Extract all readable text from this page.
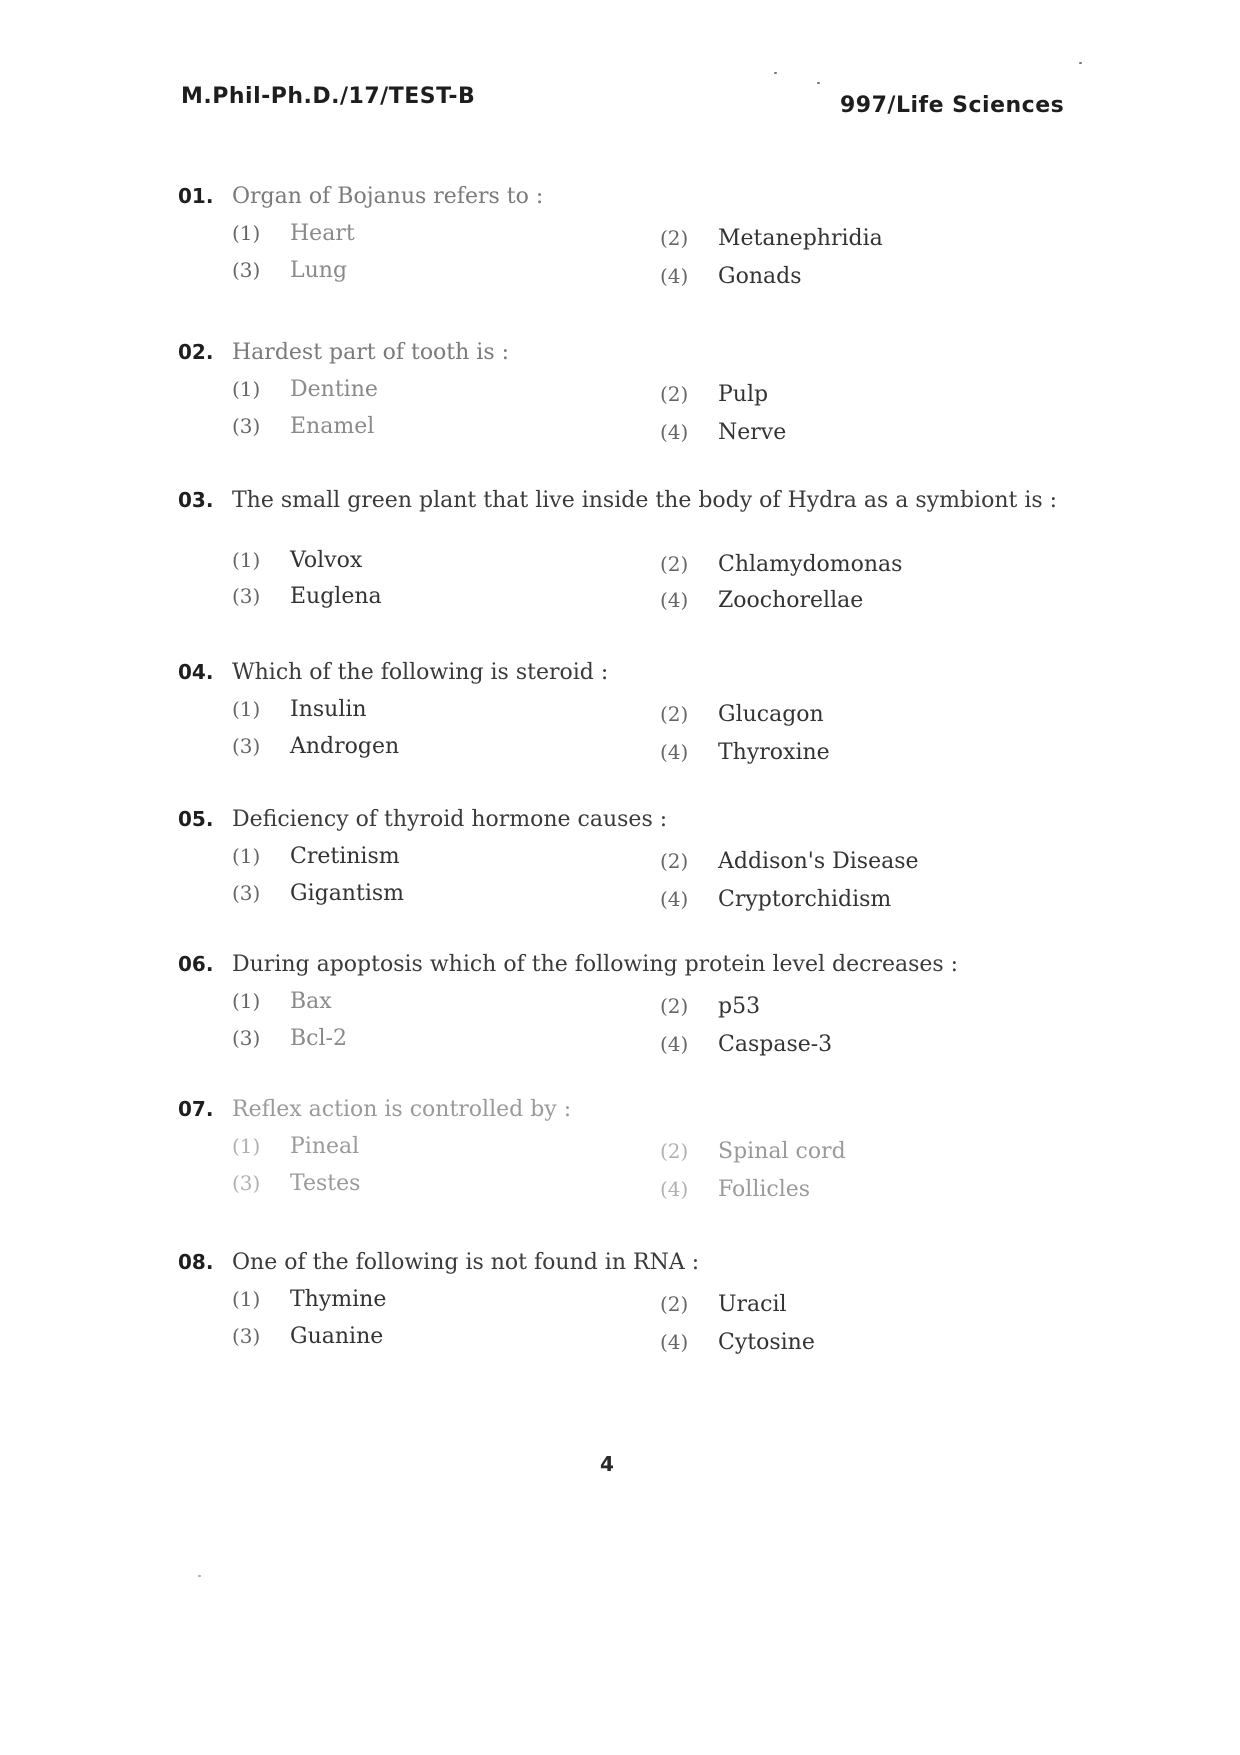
M.Phil-Ph.D./17/TEST-B	997/Life Sciences
01. Organ of Bojanus refers to :
(1) Heart	(2) Metanephridia
(3) Lung	(4) Gonads
02. Hardest part of tooth is :
(1) Dentine	(2) Pulp
(3) Enamel	(4) Nerve
03. The small green plant that live inside the body of Hydra as a symbiont is :
(1) Volvox	(2) Chlamydomonas
(3) Euglena	(4) Zoochorellae
04. Which of the following is steroid :
(1) Insulin	(2) Glucagon
(3) Androgen	(4) Thyroxine
05. Deficiency of thyroid hormone causes :
(1) Cretinism	(2) Addison's Disease
(3) Gigantism	(4) Cryptorchidism
06. During apoptosis which of the following protein level decreases :
(1) Bax	(2) p53
(3) Bcl-2	(4) Caspase-3
07. Reflex action is controlled by :
(1) Pineal	(2) Spinal cord
(3) Testes	(4) Follicles
08. One of the following is not found in RNA :
(1) Thymine	(2) Uracil
(3) Guanine	(4) Cytosine
4
